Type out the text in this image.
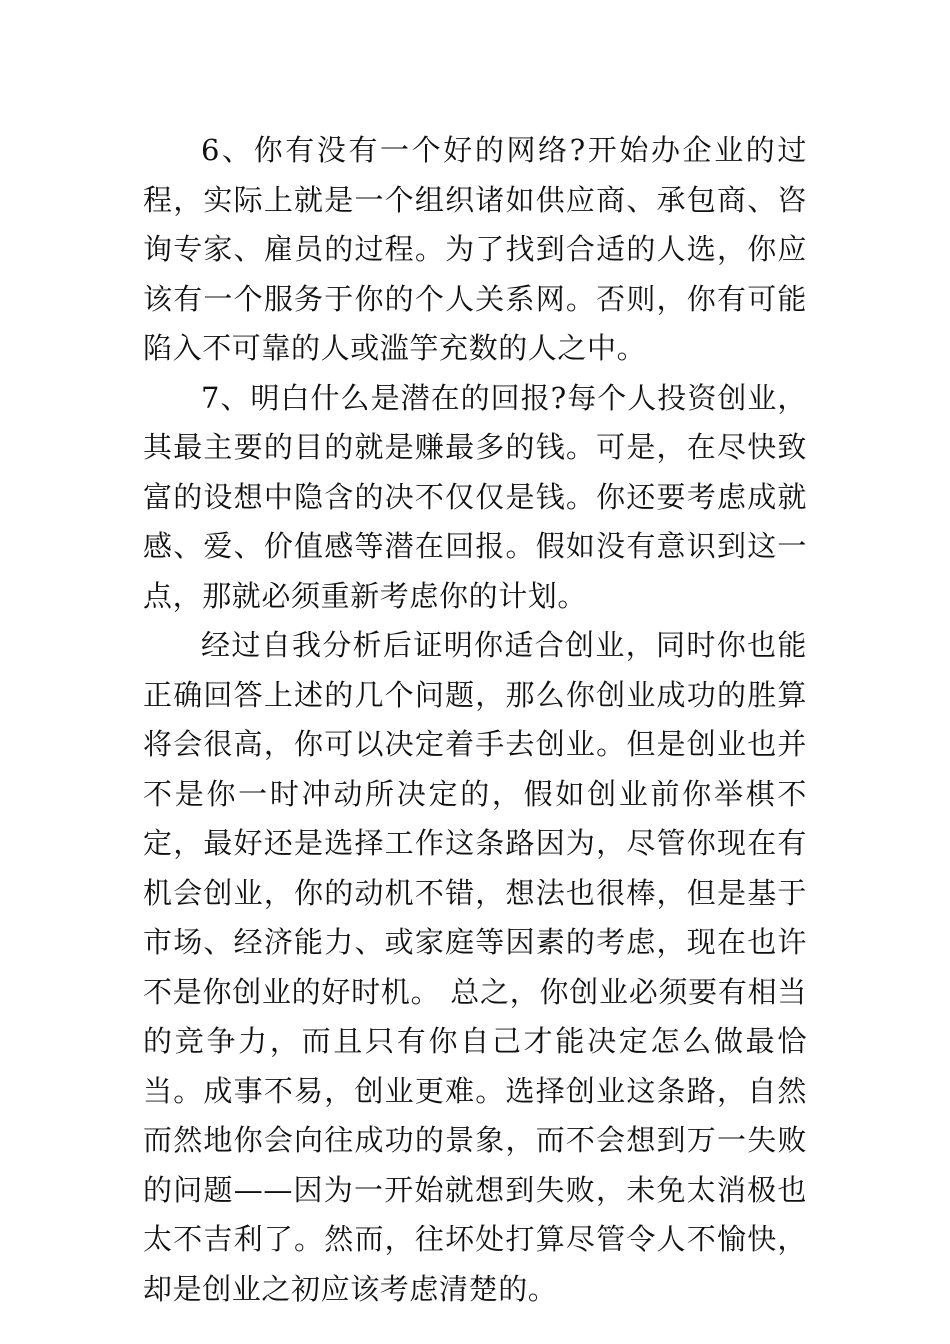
6、你有没有一个好的网络?开始办企业的过程，实际上就是一个组织诸如供应商、承包商、咨询专家、雇员的过程。为了找到合适的人选，你应该有一个服务于你的个人关系网。否则，你有可能陷入不可靠的人或滥竽充数的人之中。

7、明白什么是潜在的回报?每个人投资创业，其最主要的目的就是赚最多的钱。可是，在尽快致富的设想中隐含的决不仅仅是钱。你还要考虑成就感、爱、价值感等潜在回报。假如没有意识到这一点，那就必须重新考虑你的计划。

经过自我分析后证明你适合创业，同时你也能正确回答上述的几个问题，那么你创业成功的胜算将会很高，你可以决定着手去创业。但是创业也并不是你一时冲动所决定的，假如创业前你举棋不定，最好还是选择工作这条路因为，尽管你现在有机会创业，你的动机不错，想法也很棒，但是基于市场、经济能力、或家庭等因素的考虑，现在也许不是你创业的好时机。 总之，你创业必须要有相当的竞争力，而且只有你自己才能决定怎么做最恰当。成事不易，创业更难。选择创业这条路，自然而然地你会向往成功的景象，而不会想到万一失败的问题——因为一开始就想到失败，未免太消极也太不吉利了。然而，往坏处打算尽管令人不愉快，却是创业之初应该考虑清楚的。
